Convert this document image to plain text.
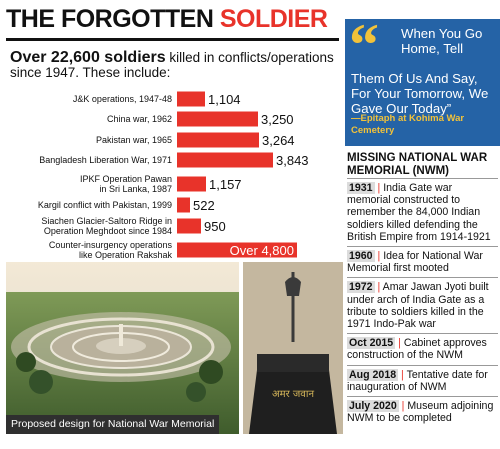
THE FORGOTTEN SOLDIER
Over 22,600 soldiers killed in conflicts/operations since 1947. These include:
J&K operations, 1947-48	1,104
China war, 1962	3,250
Pakistan war, 1965	3,264
Bangladesh Liberation War, 1971	3,843
IPKF Operation Pawan in Sri Lanka, 1987	1,157
Kargil conflict with Pakistan, 1999 522
Siachen Glacier-Saltoro Ridge in Operation Meghdoot since 1984 950
Counter-insurgency operations like Operation Rakshak	Over 4,800
“ When You Go Home, Tell
Them Of Us And Say, For Your Tomorrow, We Gave Our Today”
—Epitaph at Kohima War Cemetery
MISSING NATIONAL WAR MEMORIAL (NWM)
1931 | India Gate war memorial constructed to remember the 84,000 Indian soldiers killed defending the British Empire from 1914-1921
1960 | Idea for National War Memorial first mooted
1972 | Amar Jawan Jyoti built under arch of India Gate as a tribute to soldiers killed in the 1971 Indo-Pak war
Oct 2015 | Cabinet approves construction of the NWM
Aug 2018 | Tentative date for inauguration of NWM
July 2020 | Museum adjoining NWM to be completed
Proposed design for National War Memorial
अमर जवान
